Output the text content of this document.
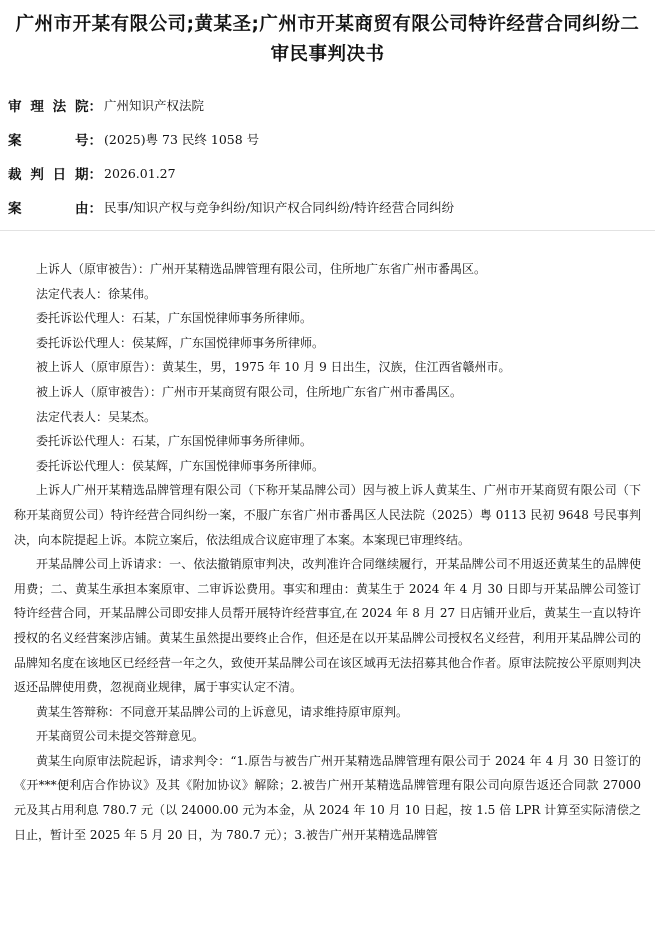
广州市开某有限公司;黄某圣;广州市开某商贸有限公司特许经营合同纠纷二审民事判决书
审 理 法 院： 广州知识产权法院
案	号： (2025)粤 73 民终 1058 号
裁 判 日 期： 2026.01.27
案	由： 民事/知识产权与竞争纠纷/知识产权合同纠纷/特许经营合同纠纷

上诉人（原审被告）：广州开某精选品牌管理有限公司，住所地广东省广州市番禺区。

法定代表人：徐某伟。

委托诉讼代理人：石某，广东国悦律师事务所律师。

委托诉讼代理人：侯某辉，广东国悦律师事务所律师。

被上诉人（原审原告）：黄某生，男，1975 年 10 月 9 日出生，汉族，住江西省赣州市。

被上诉人（原审被告）：广州市开某商贸有限公司，住所地广东省广州市番禺区。

法定代表人：吴某杰。

委托诉讼代理人：石某，广东国悦律师事务所律师。

委托诉讼代理人：侯某辉，广东国悦律师事务所律师。

上诉人广州开某精选品牌管理有限公司（下称开某品牌公司）因与被上诉人黄某生、广州市开某商贸有限公司（下称开某商贸公司）特许经营合同纠纷一案，不服广东省广州市番禺区人民法院（2025）粤 0113 民初 9648 号民事判决，向本院提起上诉。本院立案后，依法组成合议庭审理了本案。本案现已审理终结。

开某品牌公司上诉请求：一、依法撤销原审判决，改判准许合同继续履行，开某品牌公司不用返还黄某生的品牌使用费；二、黄某生承担本案原审、二审诉讼费用。事实和理由：黄某生于 2024 年 4 月 30 日即与开某品牌公司签订特许经营合同，开某品牌公司即安排人员帮开展特许经营事宜,在 2024 年 8 月 27 日店铺开业后，黄某生一直以特许授权的名义经营案涉店铺。黄某生虽然提出要终止合作，但还是在以开某品牌公司授权名义经营，利用开某品牌公司的品牌知名度在该地区已经经营一年之久，致使开某品牌公司在该区域再无法招募其他合作者。原审法院按公平原则判决返还品牌使用费，忽视商业规律，属于事实认定不清。

黄某生答辩称：不同意开某品牌公司的上诉意见，请求维持原审原判。

开某商贸公司未提交答辩意见。

黄某生向原审法院起诉，请求判令：“1.原告与被告广州开某精选品牌管理有限公司于 2024 年 4 月 30 日签订的《开***便利店合作协议》及其《附加协议》解除；2.被告广州开某精选品牌管理有限公司向原告返还合同款 27000 元及其占用利息 780.7 元（以 24000.00 元为本金，从 2024 年 10 月 10 日起，按 1.5 倍 LPR 计算至实际清偿之日止，暂计至 2025 年 5 月 20 日，为 780.7 元）；3.被告广州开某精选品牌管
